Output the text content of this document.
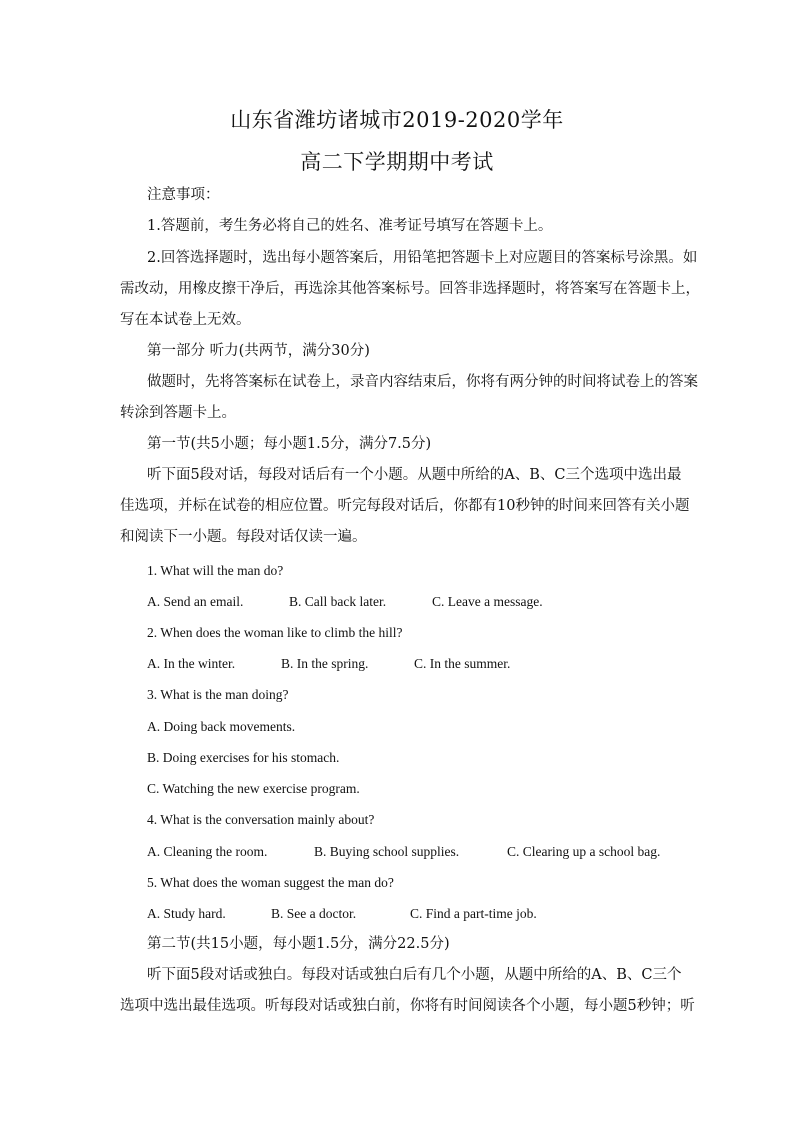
山东省潍坊诸城市2019-2020学年
高二下学期期中考试
注意事项：
1.答题前，考生务必将自己的姓名、准考证号填写在答题卡上。
2.回答选择题时，选出每小题答案后，用铅笔把答题卡上对应题目的答案标号涂黑。如
需改动，用橡皮擦干净后，再选涂其他答案标号。回答非选择题时，将答案写在答题卡上，
写在本试卷上无效。
第一部分 听力(共两节，满分30分)
做题时，先将答案标在试卷上，录音内容结束后，你将有两分钟的时间将试卷上的答案
转涂到答题卡上。
第一节(共5小题；每小题1.5分，满分7.5分)
听下面5段对话，每段对话后有一个小题。从题中所给的A、B、C三个选项中选出最
佳选项，并标在试卷的相应位置。听完每段对话后，你都有10秒钟的时间来回答有关小题
和阅读下一小题。每段对话仅读一遍。
1. What will the man do?
A. Send an email.	B. Call back later.	C. Leave a message.
2. When does the woman like to climb the hill?
A. In the winter.	B. In the spring.	C. In the summer.
3. What is the man doing?
A. Doing back movements.
B. Doing exercises for his stomach.
C. Watching the new exercise program.
4. What is the conversation mainly about?
A. Cleaning the room.	B. Buying school supplies.	C. Clearing up a school bag.
5. What does the woman suggest the man do?
A. Study hard.	B. See a doctor.	C. Find a part-time job.
第二节(共15小题，每小题1.5分，满分22.5分)
听下面5段对话或独白。每段对话或独白后有几个小题，从题中所给的A、B、C三个
选项中选出最佳选项。听每段对话或独白前，你将有时间阅读各个小题，每小题5秒钟；听
